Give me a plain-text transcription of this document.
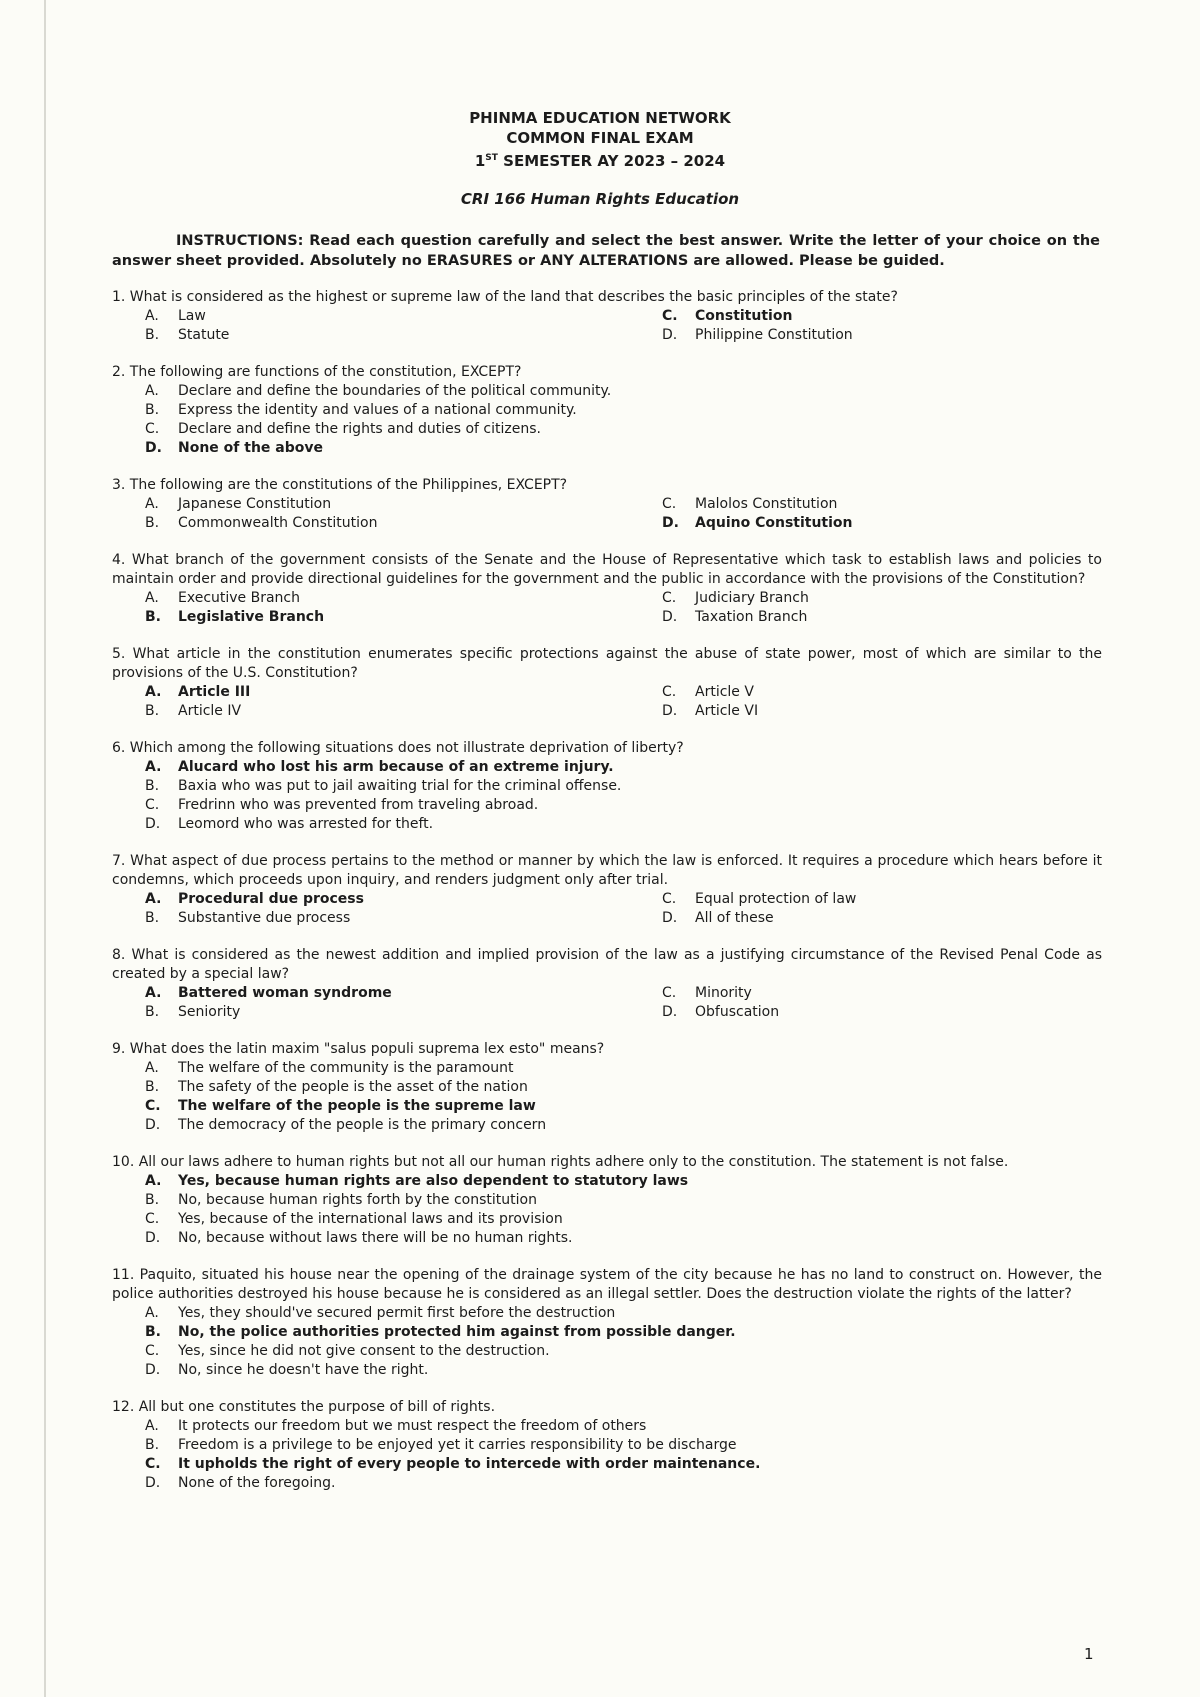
PHINMA EDUCATION NETWORK
COMMON FINAL EXAM
1ST SEMESTER AY 2023 – 2024
CRI 166 Human Rights Education
INSTRUCTIONS: Read each question carefully and select the best answer. Write the letter of your choice on the answer sheet provided. Absolutely no ERASURES or ANY ALTERATIONS are allowed. Please be guided.
1. What is considered as the highest or supreme law of the land that describes the basic principles of the state?
A. Law	C. Constitution
B. Statute	D. Philippine Constitution
2. The following are functions of the constitution, EXCEPT?
A. Declare and define the boundaries of the political community.
B. Express the identity and values of a national community.
C. Declare and define the rights and duties of citizens.
D. None of the above
3. The following are the constitutions of the Philippines, EXCEPT?
A. Japanese Constitution	C. Malolos Constitution
B. Commonwealth Constitution	D. Aquino Constitution
4. What branch of the government consists of the Senate and the House of Representative which task to establish laws and policies to maintain order and provide directional guidelines for the government and the public in accordance with the provisions of the Constitution?
A. Executive Branch	C. Judiciary Branch
B. Legislative Branch	D. Taxation Branch
5. What article in the constitution enumerates specific protections against the abuse of state power, most of which are similar to the provisions of the U.S. Constitution?
A. Article III	C. Article V
B. Article IV	D. Article VI
6. Which among the following situations does not illustrate deprivation of liberty?
A. Alucard who lost his arm because of an extreme injury.
B. Baxia who was put to jail awaiting trial for the criminal offense.
C. Fredrinn who was prevented from traveling abroad.
D. Leomord who was arrested for theft.
7. What aspect of due process pertains to the method or manner by which the law is enforced. It requires a procedure which hears before it condemns, which proceeds upon inquiry, and renders judgment only after trial.
A. Procedural due process	C. Equal protection of law
B. Substantive due process	D. All of these
8. What is considered as the newest addition and implied provision of the law as a justifying circumstance of the Revised Penal Code as created by a special law?
A. Battered woman syndrome	C. Minority
B. Seniority	D. Obfuscation
9. What does the latin maxim "salus populi suprema lex esto" means?
A. The welfare of the community is the paramount
B. The safety of the people is the asset of the nation
C. The welfare of the people is the supreme law
D. The democracy of the people is the primary concern
10. All our laws adhere to human rights but not all our human rights adhere only to the constitution. The statement is not false.
A. Yes, because human rights are also dependent to statutory laws
B. No, because human rights forth by the constitution
C. Yes, because of the international laws and its provision
D. No, because without laws there will be no human rights.
11. Paquito, situated his house near the opening of the drainage system of the city because he has no land to construct on. However, the police authorities destroyed his house because he is considered as an illegal settler. Does the destruction violate the rights of the latter?
A. Yes, they should've secured permit first before the destruction
B. No, the police authorities protected him against from possible danger.
C. Yes, since he did not give consent to the destruction.
D. No, since he doesn't have the right.
12. All but one constitutes the purpose of bill of rights.
A. It protects our freedom but we must respect the freedom of others
B. Freedom is a privilege to be enjoyed yet it carries responsibility to be discharge
C. It upholds the right of every people to intercede with order maintenance.
D. None of the foregoing.
1
